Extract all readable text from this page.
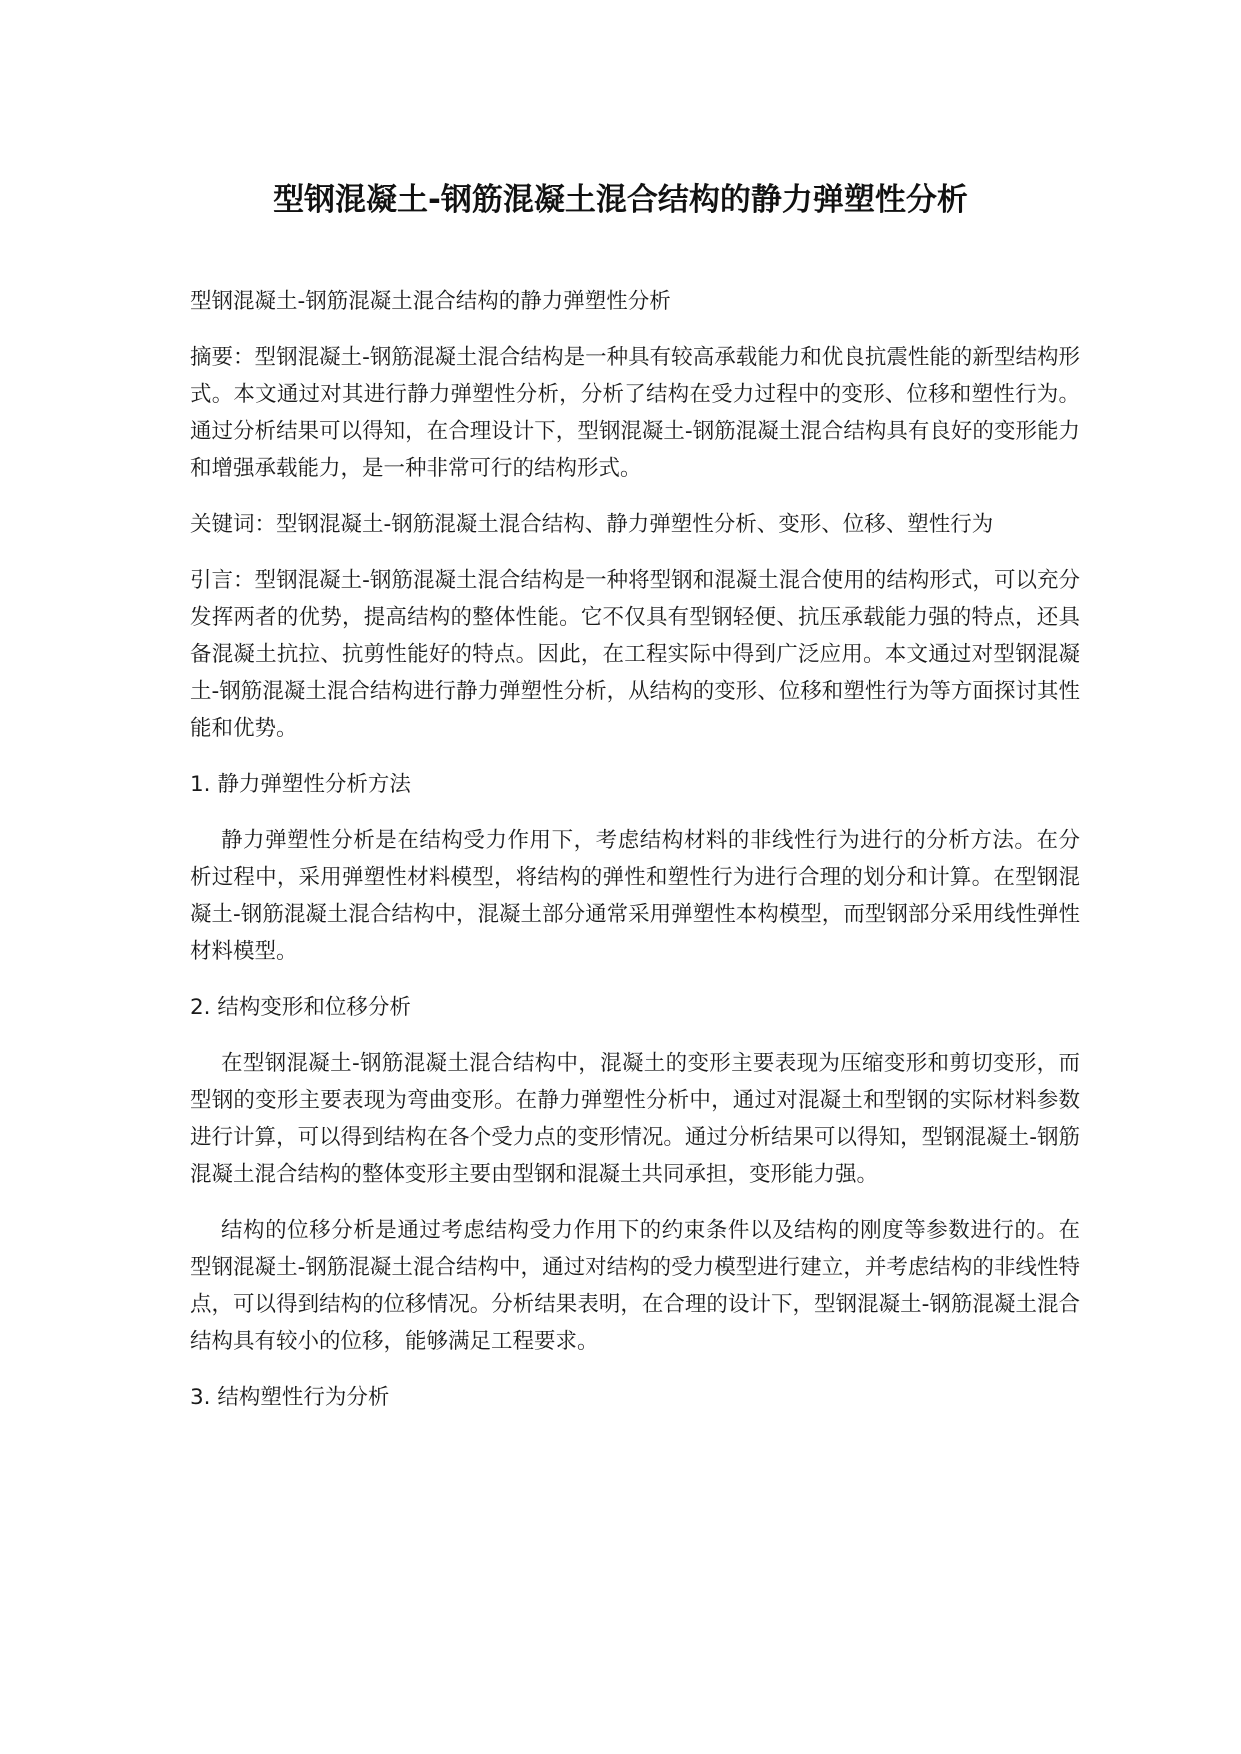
型钢混凝土-钢筋混凝土混合结构的静力弹塑性分析

型钢混凝土-钢筋混凝土混合结构的静力弹塑性分析

摘要：型钢混凝土-钢筋混凝土混合结构是一种具有较高承载能力和优良抗震性能的新型结构形式。本文通过对其进行静力弹塑性分析，分析了结构在受力过程中的变形、位移和塑性行为。通过分析结果可以得知，在合理设计下，型钢混凝土-钢筋混凝土混合结构具有良好的变形能力和增强承载能力，是一种非常可行的结构形式。

关键词：型钢混凝土-钢筋混凝土混合结构、静力弹塑性分析、变形、位移、塑性行为

引言：型钢混凝土-钢筋混凝土混合结构是一种将型钢和混凝土混合使用的结构形式，可以充分发挥两者的优势，提高结构的整体性能。它不仅具有型钢轻便、抗压承载能力强的特点，还具备混凝土抗拉、抗剪性能好的特点。因此，在工程实际中得到广泛应用。本文通过对型钢混凝土-钢筋混凝土混合结构进行静力弹塑性分析，从结构的变形、位移和塑性行为等方面探讨其性能和优势。

1. 静力弹塑性分析方法

静力弹塑性分析是在结构受力作用下，考虑结构材料的非线性行为进行的分析方法。在分析过程中，采用弹塑性材料模型，将结构的弹性和塑性行为进行合理的划分和计算。在型钢混凝土-钢筋混凝土混合结构中，混凝土部分通常采用弹塑性本构模型，而型钢部分采用线性弹性材料模型。

2. 结构变形和位移分析

在型钢混凝土-钢筋混凝土混合结构中，混凝土的变形主要表现为压缩变形和剪切变形，而型钢的变形主要表现为弯曲变形。在静力弹塑性分析中，通过对混凝土和型钢的实际材料参数进行计算，可以得到结构在各个受力点的变形情况。通过分析结果可以得知，型钢混凝土-钢筋混凝土混合结构的整体变形主要由型钢和混凝土共同承担，变形能力强。

结构的位移分析是通过考虑结构受力作用下的约束条件以及结构的刚度等参数进行的。在型钢混凝土-钢筋混凝土混合结构中，通过对结构的受力模型进行建立，并考虑结构的非线性特点，可以得到结构的位移情况。分析结果表明，在合理的设计下，型钢混凝土-钢筋混凝土混合结构具有较小的位移，能够满足工程要求。

3. 结构塑性行为分析
